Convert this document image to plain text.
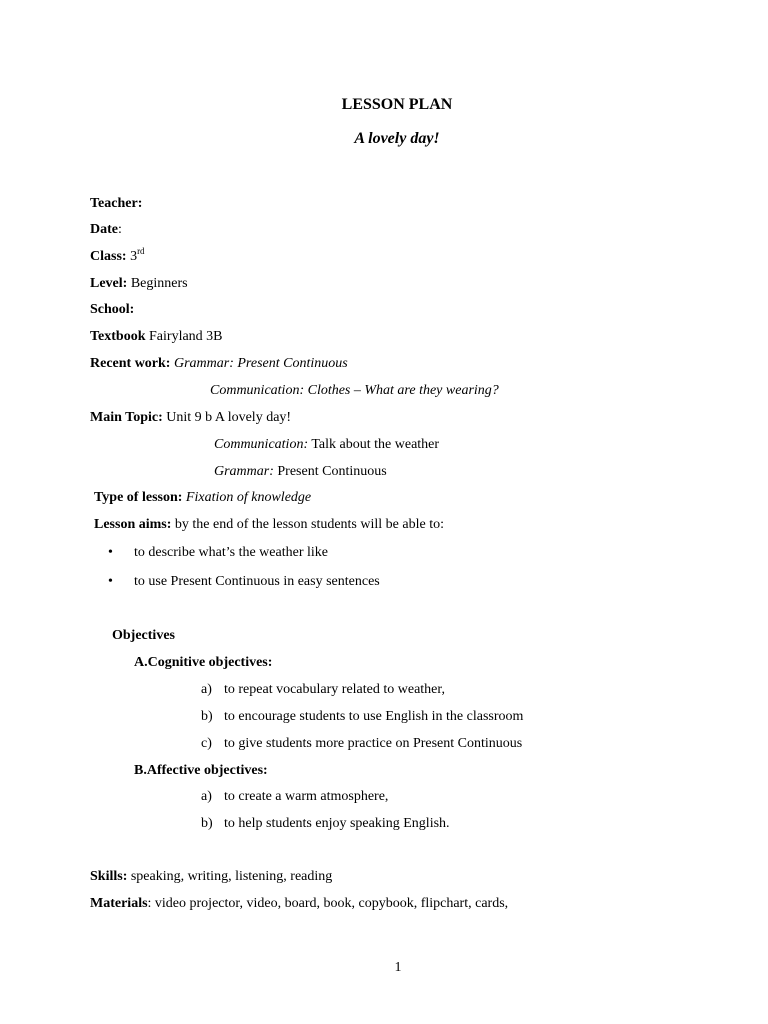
LESSON PLAN
A lovely day!
Teacher:
Date:
Class: 3rd
Level: Beginners
School:
Textbook Fairyland 3B
Recent work: Grammar: Present Continuous
Communication: Clothes – What are they wearing?
Main Topic: Unit 9 b A lovely day!
Communication: Talk about the weather
Grammar: Present Continuous
Type of lesson: Fixation of knowledge
Lesson aims: by the end of the lesson students will be able to:
• to describe what’s the weather like
• to use Present Continuous in easy sentences
Objectives
A.Cognitive objectives:
a) to repeat vocabulary related to weather,
b) to encourage students to use English in the classroom
c) to give students more practice on Present Continuous
B.Affective objectives:
a) to create a warm atmosphere,
b) to help students enjoy speaking English.
Skills: speaking, writing, listening, reading
Materials: video projector, video, board, book, copybook, flipchart, cards,
1
